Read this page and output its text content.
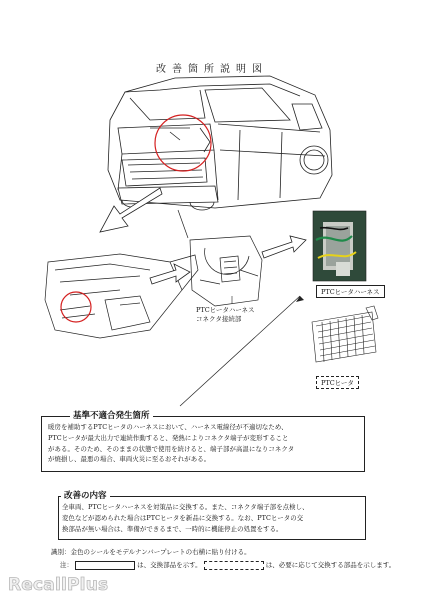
改善箇所説明図
PTCヒータハーネス
コネクタ接続部
PTCヒータハーネス
PTCヒータ
基準不適合発生箇所
暖房を補助するPTCヒータのハーネスにおいて、ハーネス電線径が不適切なため、
PTCヒータが最大出力で連続作動すると、発熱によりコネクタ端子が変形すること
がある。そのため、そのままの状態で使用を続けると、端子部が高温になりコネクタ
が焼損し、最悪の場合、車両火災に至るおそれがある。
改善の内容
全車両、PTCヒータハーネスを対策品に交換する。また、コネクタ端子部を点検し、
変色などが認められた場合はPTCヒータを新品に交換する。なお、PTCヒータの交
換部品が無い場合は、準備ができるまで、一時的に機能停止の処置をする。
識別：金色のシールをモデルナンバープレートの右横に貼り付ける。
注：	は、交換部品を示す。	は、必要に応じて交換する部品を示します。
RecallPlus
